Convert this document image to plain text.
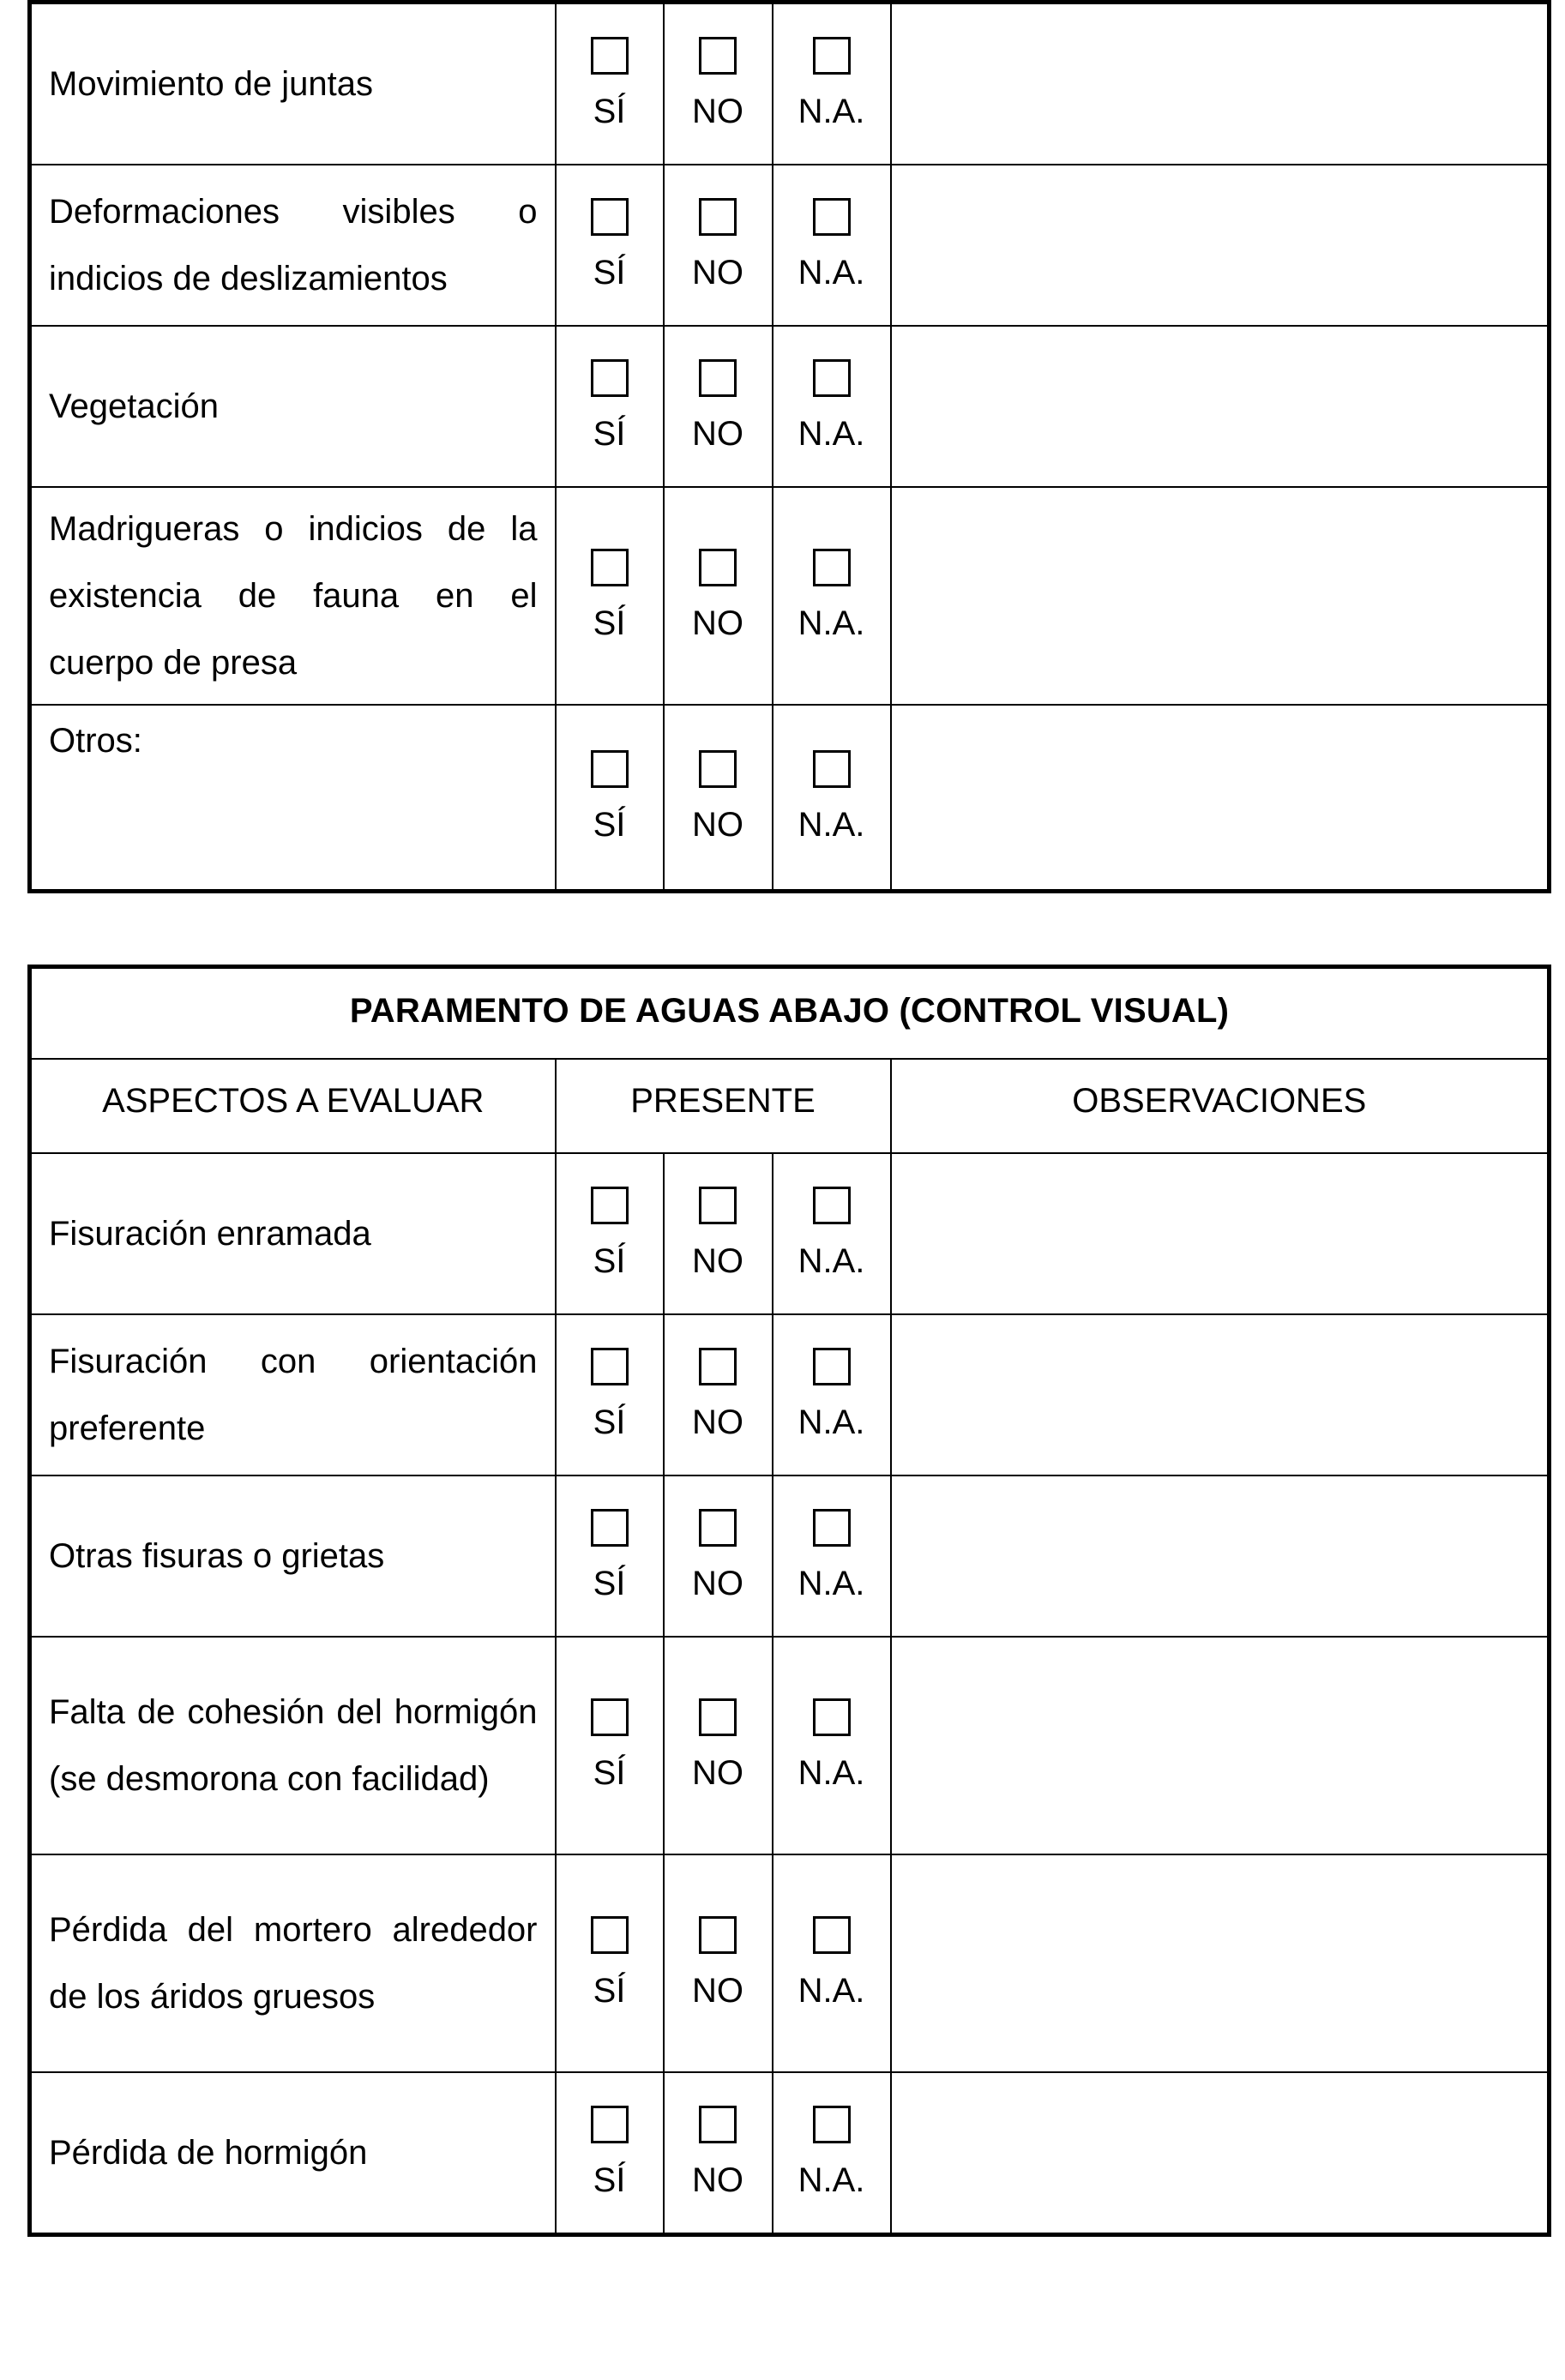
Movimiento de juntas	SÍ	NO	N.A.	

Deformaciones visibles o indicios de deslizamientos	SÍ	NO	N.A.	

Vegetación	SÍ	NO	N.A.	

Madrigueras o indicios de la existencia de fauna en el cuerpo de presa	SÍ	NO	N.A.	

Otros:	SÍ	NO	N.A.	

PARAMENTO DE AGUAS ABAJO (CONTROL VISUAL)				
ASPECTOS A EVALUAR	PRESENTE			OBSERVACIONES
Fisuración enramada	SÍ	NO	N.A.	

Fisuración con orientación preferente	SÍ	NO	N.A.	

Otras fisuras o grietas	SÍ	NO	N.A.	

Falta de cohesión del hormigón (se desmorona con facilidad)	SÍ	NO	N.A.	

Pérdida del mortero alrededor de los áridos gruesos	SÍ	NO	N.A.	

Pérdida de hormigón	SÍ	NO	N.A.	
